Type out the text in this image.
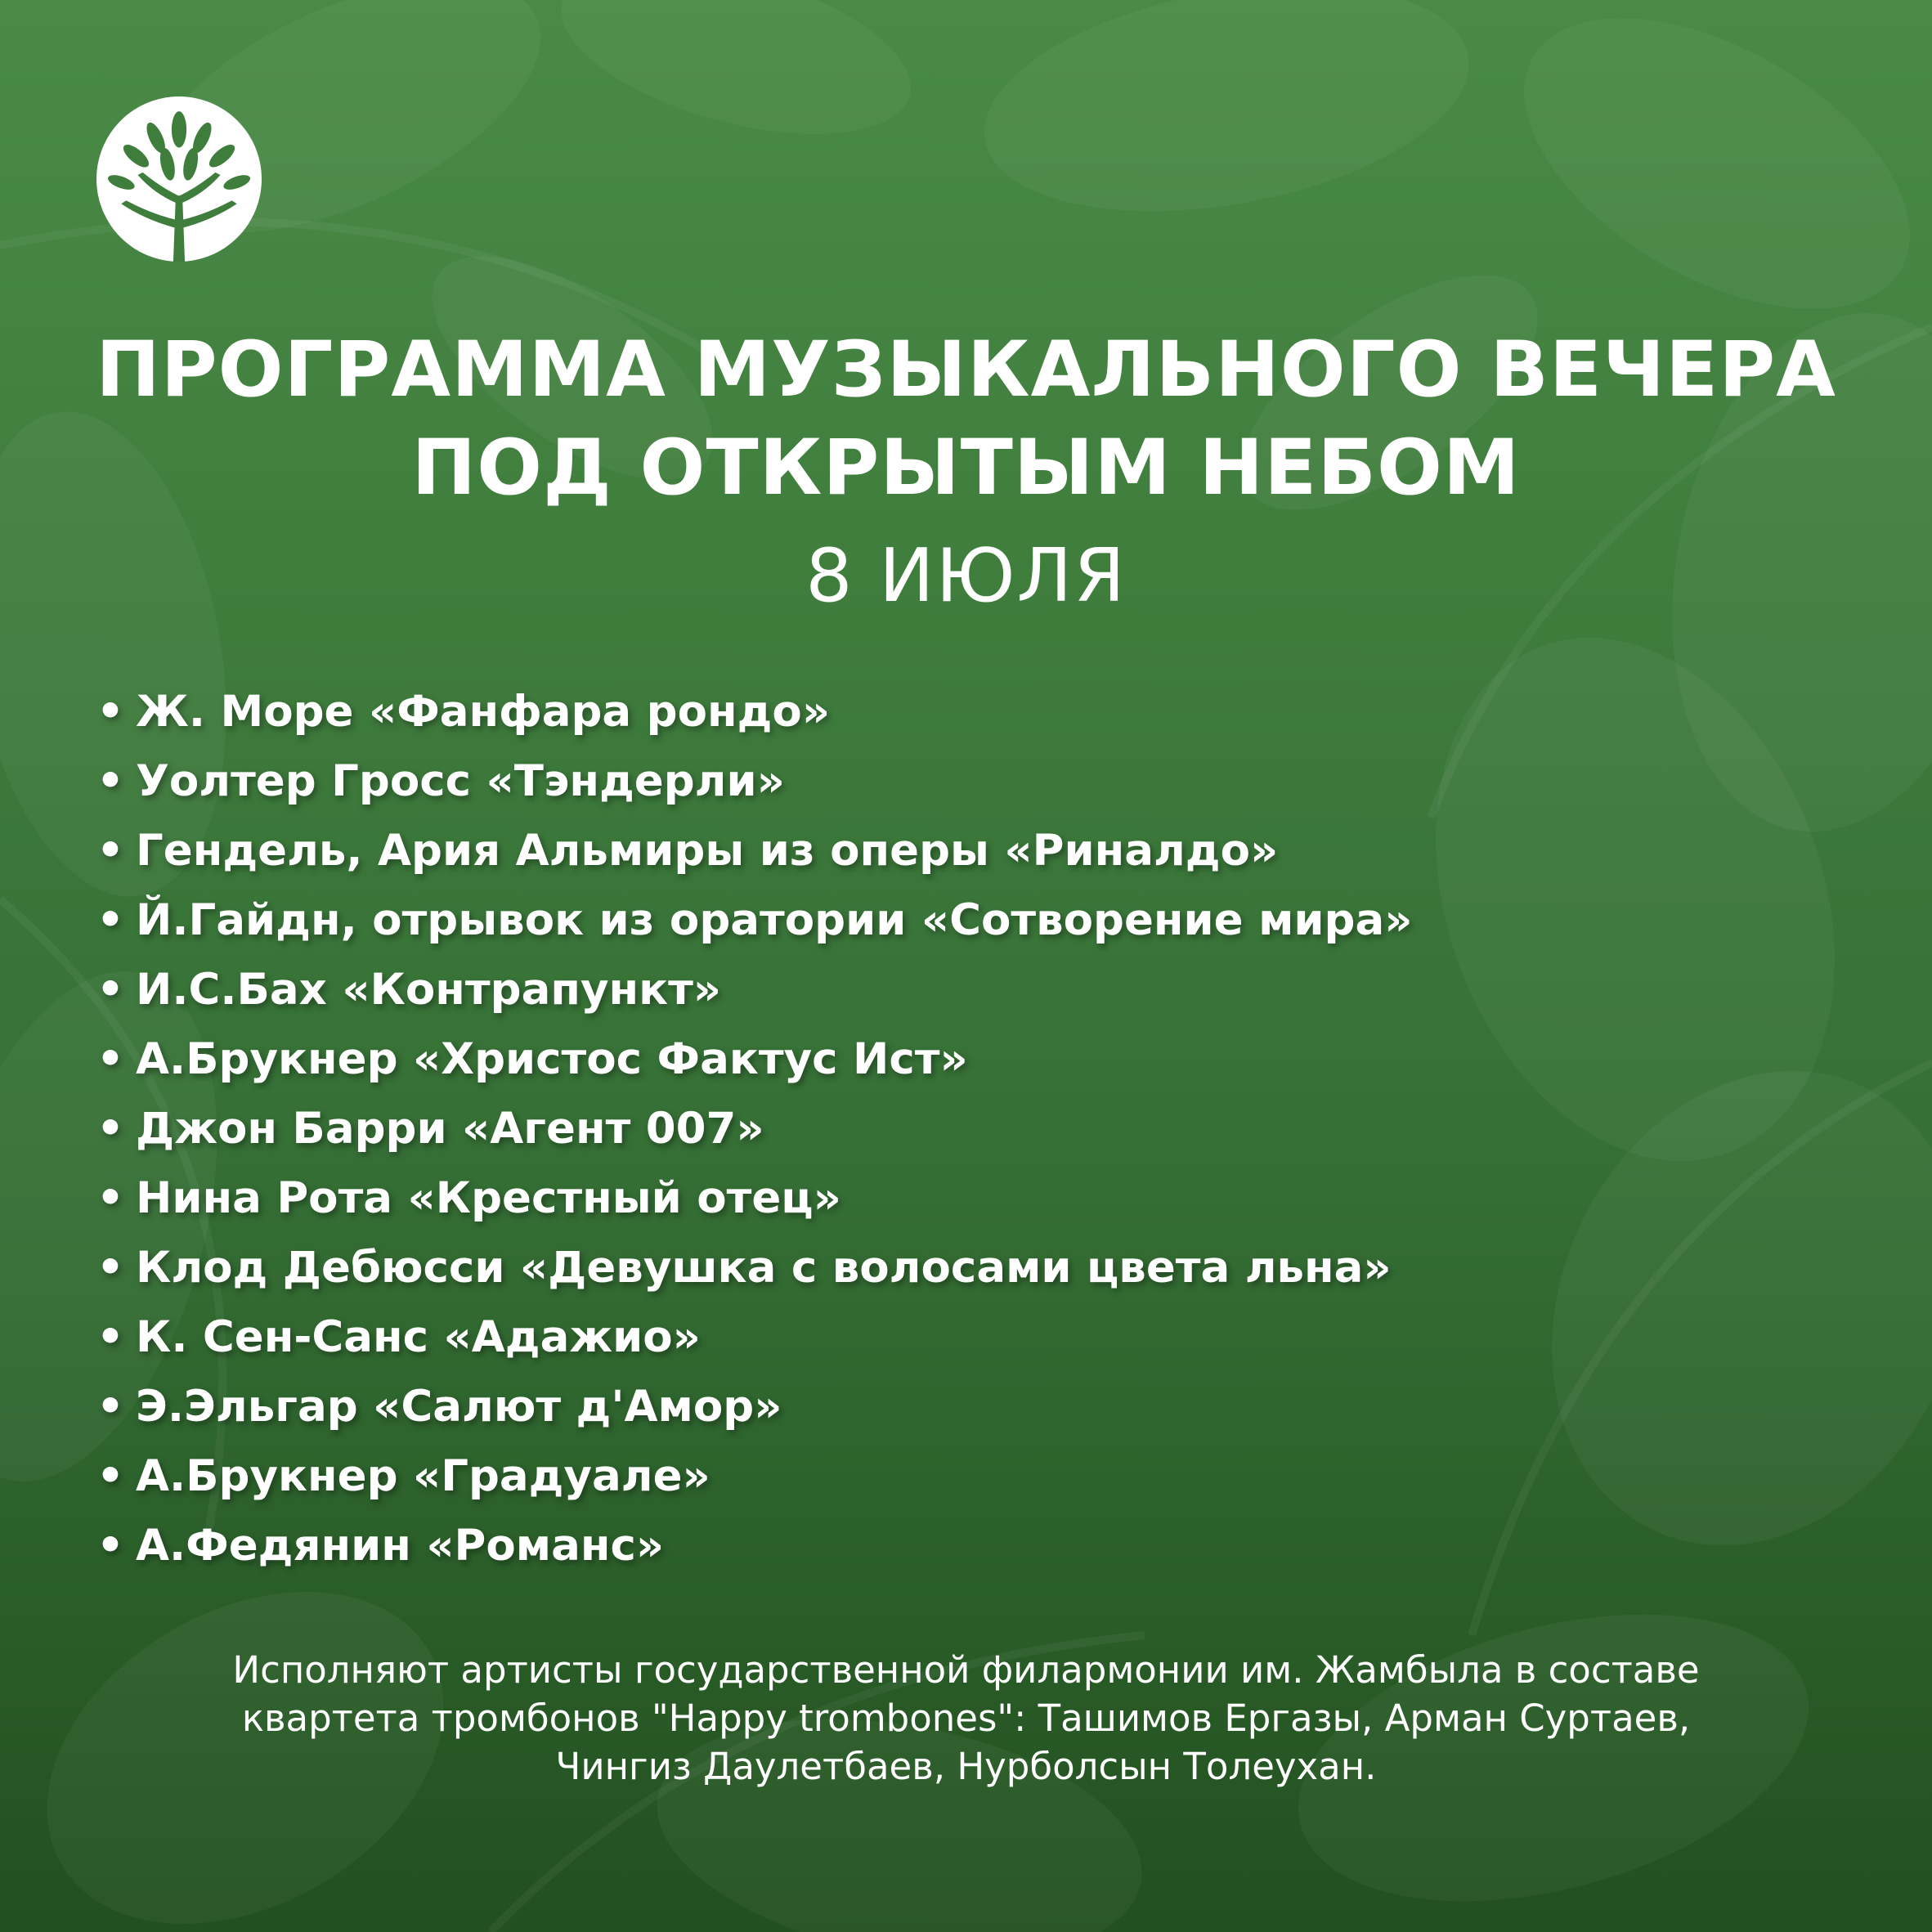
ПРОГРАММА МУЗЫКАЛЬНОГО ВЕЧЕРА
ПОД ОТКРЫТЫМ НЕБОМ
8 ИЮЛЯ
• Ж. Море «Фанфара рондо»
• Уолтер Гросс «Тэндерли»
• Гендель, Ария Альмиры из оперы «Риналдо»
• Й.Гайдн, отрывок из оратории «Сотворение мира»
• И.С.Бах «Контрапункт»
• А.Брукнер «Христос Фактус Ист»
• Джон Барри «Агент 007»
• Нина Рота «Крестный отец»
• Клод Дебюсси «Девушка с волосами цвета льна»
• К. Сен-Санс «Адажио»
• Э.Эльгар «Салют д'Амор»
• А.Брукнер «Градуале»
• А.Федянин «Романс»
Исполняют артисты государственной филармонии им. Жамбыла в составе
квартета тромбонов "Happy trombones": Ташимов Ергазы, Арман Суртаев,
Чингиз Даулетбаев, Нурболсын Толеухан.
